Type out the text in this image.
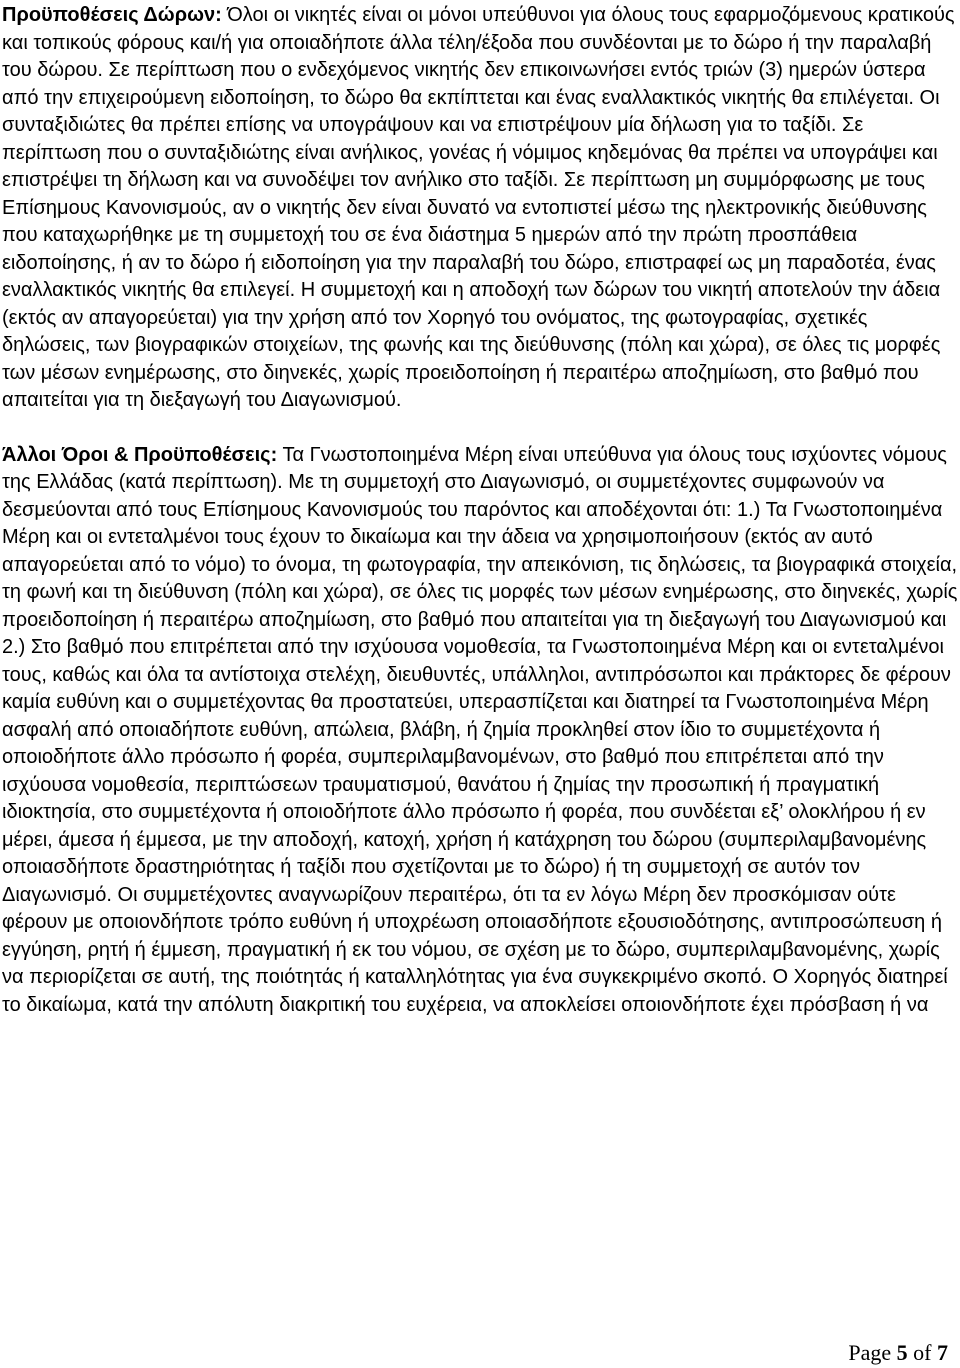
Προϋποθέσεις Δώρων: Όλοι οι νικητές είναι οι μόνοι υπεύθυνοι για όλους τους εφαρμοζόμενους κρατικούς και τοπικούς φόρους και/ή για οποιαδήποτε άλλα τέλη/έξοδα που συνδέονται με το δώρο ή την παραλαβή του δώρου. Σε περίπτωση που ο ενδεχόμενος νικητής δεν επικοινωνήσει εντός τριών (3) ημερών ύστερα από την επιχειρούμενη ειδοποίηση, το δώρο θα εκπίπτεται και ένας εναλλακτικός νικητής θα επιλέγεται. Οι συνταξιδιώτες θα πρέπει επίσης να υπογράψουν και να επιστρέψουν μία δήλωση για το ταξίδι. Σε περίπτωση που ο συνταξιδιώτης είναι ανήλικος, γονέας ή νόμιμος κηδεμόνας θα πρέπει να υπογράψει και επιστρέψει τη δήλωση και να συνοδέψει τον ανήλικο στο ταξίδι. Σε περίπτωση μη συμμόρφωσης με τους Επίσημους Κανονισμούς, αν ο νικητής δεν είναι δυνατό να εντοπιστεί μέσω της ηλεκτρονικής διεύθυνσης που καταχωρήθηκε με τη συμμετοχή του σε ένα διάστημα 5 ημερών από την πρώτη προσπάθεια ειδοποίησης, ή αν το δώρο ή ειδοποίηση για την παραλαβή του δώρο, επιστραφεί ως μη παραδοτέα, ένας εναλλακτικός νικητής θα επιλεγεί. Η συμμετοχή και η αποδοχή των δώρων του νικητή αποτελούν την άδεια (εκτός αν απαγορεύεται) για την χρήση από τον Χορηγό του ονόματος, της φωτογραφίας, σχετικές δηλώσεις, των βιογραφικών στοιχείων, της φωνής και της διεύθυνσης (πόλη και χώρα), σε όλες τις μορφές των μέσων ενημέρωσης, στο διηνεκές, χωρίς προειδοποίηση ή περαιτέρω αποζημίωση, στο βαθμό που απαιτείται για τη διεξαγωγή του Διαγωνισμού.

Άλλοι Όροι & Προϋποθέσεις: Τα Γνωστοποιημένα Μέρη είναι υπεύθυνα για όλους τους ισχύοντες νόμους της Ελλάδας (κατά περίπτωση). Με τη συμμετοχή στο Διαγωνισμό, οι συμμετέχοντες συμφωνούν να δεσμεύονται από τους Επίσημους Κανονισμούς του παρόντος και αποδέχονται ότι: 1.) Τα Γνωστοποιημένα Μέρη και οι εντεταλμένοι τους έχουν το δικαίωμα και την άδεια να χρησιμοποιήσουν (εκτός αν αυτό απαγορεύεται από το νόμο) το όνομα, τη φωτογραφία, την απεικόνιση, τις δηλώσεις, τα βιογραφικά στοιχεία, τη φωνή και τη διεύθυνση (πόλη και χώρα), σε όλες τις μορφές των μέσων ενημέρωσης, στο διηνεκές, χωρίς προειδοποίηση ή περαιτέρω αποζημίωση, στο βαθμό που απαιτείται για τη διεξαγωγή του Διαγωνισμού και 2.) Στο βαθμό που επιτρέπεται από την ισχύουσα νομοθεσία, τα Γνωστοποιημένα Μέρη και οι εντεταλμένοι τους, καθώς και όλα τα αντίστοιχα στελέχη, διευθυντές, υπάλληλοι, αντιπρόσωποι και πράκτορες δε φέρουν καμία ευθύνη και ο συμμετέχοντας θα προστατεύει, υπερασπίζεται και διατηρεί τα Γνωστοποιημένα Μέρη ασφαλή από οποιαδήποτε ευθύνη, απώλεια, βλάβη, ή ζημία προκληθεί στον ίδιο το συμμετέχοντα ή οποιοδήποτε άλλο πρόσωπο ή φορέα, συμπεριλαμβανομένων, στο βαθμό που επιτρέπεται από την ισχύουσα νομοθεσία, περιπτώσεων τραυματισμού, θανάτου ή ζημίας την προσωπική ή πραγματική ιδιοκτησία, στο συμμετέχοντα ή οποιοδήποτε άλλο πρόσωπο ή φορέα, που συνδέεται εξ’ ολοκλήρου ή εν μέρει, άμεσα ή έμμεσα, με την αποδοχή, κατοχή, χρήση ή κατάχρηση του δώρου (συμπεριλαμβανομένης οποιασδήποτε δραστηριότητας ή ταξίδι που σχετίζονται με το δώρο) ή τη συμμετοχή σε αυτόν τον Διαγωνισμό. Οι συμμετέχοντες αναγνωρίζουν περαιτέρω, ότι τα εν λόγω Μέρη δεν προσκόμισαν ούτε φέρουν με οποιονδήποτε τρόπο ευθύνη ή υποχρέωση οποιασδήποτε εξουσιοδότησης, αντιπροσώπευση ή εγγύηση, ρητή ή έμμεση, πραγματική ή εκ του νόμου, σε σχέση με το δώρο, συμπεριλαμβανομένης, χωρίς να περιορίζεται σε αυτή, της ποιότητάς ή καταλληλότητας για ένα συγκεκριμένο σκοπό. Ο Χορηγός διατηρεί το δικαίωμα, κατά την απόλυτη διακριτική του ευχέρεια, να αποκλείσει οποιονδήποτε έχει πρόσβαση ή να

Page 5 of 7
